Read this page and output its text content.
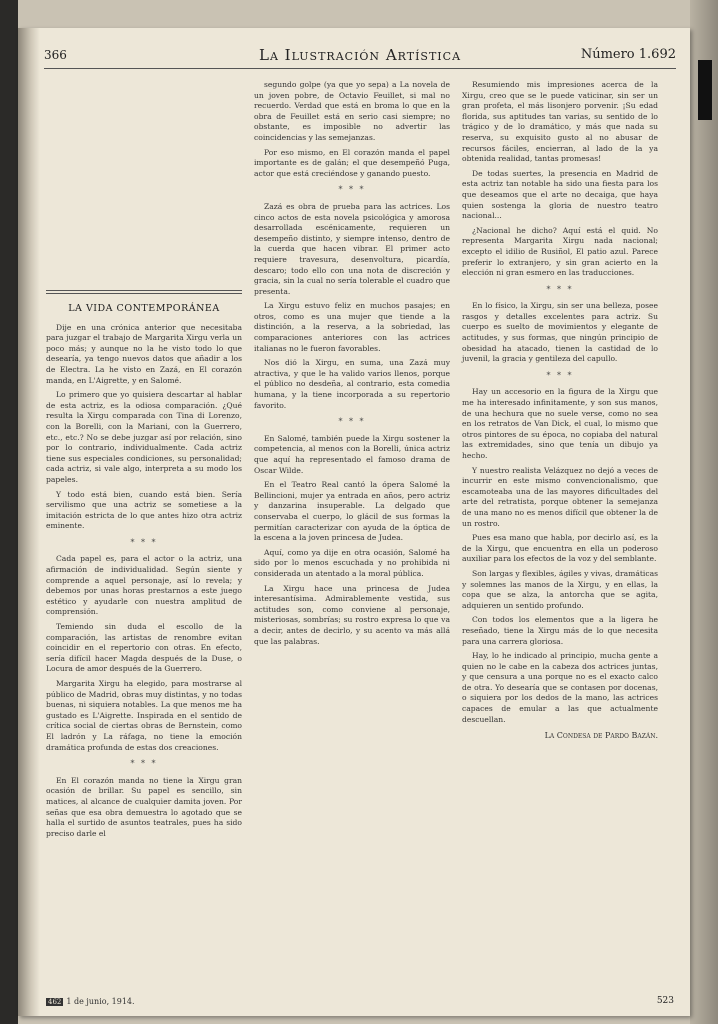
366	La Ilustración Artística	Número 1.692
LA VIDA CONTEMPORÁNEA

Dije en una crónica anterior que necesitaba para juzgar el trabajo de Margarita Xirgu verla un poco más; y aunque no la he visto todo lo que desearía, ya tengo nuevos datos que añadir a los de Electra. La he visto en Zazá, en El corazón manda, en L'Aigrette, y en Salomé.

Lo primero que yo quisiera descartar al hablar de esta actriz, es la odiosa comparación. ¿Qué resulta la Xirgu comparada con Tina di Lorenzo, con la Borelli, con la Mariani, con la Guerrero, etc., etc.? No se debe juzgar así por relación, sino por lo contrario, individualmente. Cada actriz tiene sus especiales condiciones, su personalidad; cada actriz, si vale algo, interpreta a su modo los papeles.

Y todo está bien, cuando está bien. Sería servilismo que una actriz se sometiese a la imitación estricta de lo que antes hizo otra actriz eminente.

* * *

Cada papel es, para el actor o la actriz, una afirmación de individualidad. Según siente y comprende a aquel personaje, así lo revela; y debemos por unas horas prestarnos a este juego estético y ayudarle con nuestra amplitud de comprensión.

Temiendo sin duda el escollo de la comparación, las artistas de renombre evitan coincidir en el repertorio con otras. En efecto, sería difícil hacer Magda después de la Duse, o Locura de amor después de la Guerrero.

Margarita Xirgu ha elegido, para mostrarse al público de Madrid, obras muy distintas, y no todas buenas, ni siquiera notables. La que menos me ha gustado es L'Aigrette. Inspirada en el sentido de crítica social de ciertas obras de Bernstein, como El ladrón y La ráfaga, no tiene la emoción dramática profunda de estas dos creaciones.

* * *

En El corazón manda no tiene la Xirgu gran ocasión de brillar. Su papel es sencillo, sin matices, al alcance de cualquier damita joven. Por señas que esa obra demuestra lo agotado que se halla el surtido de asuntos teatrales, pues ha sido preciso darle el

segundo golpe (ya que yo sepa) a La novela de un joven pobre, de Octavio Feuillet, si mal no recuerdo. Verdad que está en broma lo que en la obra de Feuillet está en serio casi siempre; no obstante, es imposible no advertir las coincidencias y las semejanzas.

Por eso mismo, en El corazón manda el papel importante es de galán; el que desempeñó Puga, actor que está creciéndose y ganando puesto.

* * *

Zazá es obra de prueba para las actrices. Los cinco actos de esta novela psicológica y amorosa desarrollada escénicamente, requieren un desempeño distinto, y siempre intenso, dentro de la cuerda que hacen vibrar. El primer acto requiere travesura, desenvoltura, picardía, descaro; todo ello con una nota de discreción y gracia, sin la cual no sería tolerable el cuadro que presenta.

La Xirgu estuvo feliz en muchos pasajes; en otros, como es una mujer que tiende a la distinción, a la reserva, a la sobriedad, las comparaciones anteriores con las actrices italianas no le fueron favorables.

Nos dió la Xirgu, en suma, una Zazá muy atractiva, y que le ha valido varios llenos, porque el público no desdeña, al contrario, esta comedia humana, y la tiene incorporada a su repertorio favorito.

* * *

En Salomé, también puede la Xirgu sostener la competencia, al menos con la Borelli, única actriz que aquí ha representado el famoso drama de Oscar Wilde.

En el Teatro Real cantó la ópera Salomé la Bellincioni, mujer ya entrada en años, pero actriz y danzarina insuperable. La delgado que conservaba el cuerpo, lo glácil de sus formas la permitían caracterizar con ayuda de la óptica de la escena a la joven princesa de Judea.

Aquí, como ya dije en otra ocasión, Salomé ha sido por lo menos escuchada y no prohibida ni considerada un atentado a la moral pública.

La Xirgu hace una princesa de Judea interesantísima. Admirablemente vestida, sus actitudes son, como conviene al personaje, misteriosas, sombrías; su rostro expresa lo que va a decir, antes de decirlo, y su acento va más allá que las palabras.

Resumiendo mis impresiones acerca de la Xirgu, creo que se le puede vaticinar, sin ser un gran profeta, el más lisonjero porvenir. ¡Su edad florida, sus aptitudes tan varias, su sentido de lo trágico y de lo dramático, y más que nada su reserva, su exquisito gusto al no abusar de recursos fáciles, encierran, al lado de la ya obtenida realidad, tantas promesas!

De todas suertes, la presencia en Madrid de esta actriz tan notable ha sido una fiesta para los que deseamos que el arte no decaiga, que haya quien sostenga la gloria de nuestro teatro nacional...

¿Nacional he dicho? Aquí está el quid. No representa Margarita Xirgu nada nacional; excepto el idilio de Rusiñol, El patio azul. Parece preferir lo extranjero, y sin gran acierto en la elección ni gran esmero en las traducciones.

* * *

En lo físico, la Xirgu, sin ser una belleza, posee rasgos y detalles excelentes para actriz. Su cuerpo es suelto de movimientos y elegante de actitudes, y sus formas, que ningún principio de obesidad ha atacado, tienen la castidad de lo juvenil, la gracia y gentileza del capullo.

* * *

Hay un accesorio en la figura de la Xirgu que me ha interesado infinitamente, y son sus manos, de una hechura que no suele verse, como no sea en los retratos de Van Dick, el cual, lo mismo que otros pintores de su época, no copiaba del natural las extremidades, sino que tenía un dibujo ya hecho.

Y nuestro realista Velázquez no dejó a veces de incurrir en este mismo convencionalismo, que escamoteaba una de las mayores dificultades del arte del retratista, porque obtener la semejanza de una mano no es menos difícil que obtener la de un rostro.

Pues esa mano que habla, por decirlo así, es la de la Xirgu, que encuentra en ella un poderoso auxiliar para los efectos de la voz y del semblante.

Son largas y flexibles, ágiles y vivas, dramáticas y solemnes las manos de la Xirgu, y en ellas, la copa que se alza, la antorcha que se agita, adquieren un sentido profundo.

Con todos los elementos que a la ligera he reseñado, tiene la Xirgu más de lo que necesita para una carrera gloriosa.

Hay, lo he indicado al principio, mucha gente a quien no le cabe en la cabeza dos actrices juntas, y que censura a una porque no es el exacto calco de otra. Yo desearía que se contasen por docenas, o siquiera por los dedos de la mano, las actrices capaces de emular a las que actualmente descuellan.

La Condesa de Pardo Bazán.
462 1 de junio, 1914.	523
